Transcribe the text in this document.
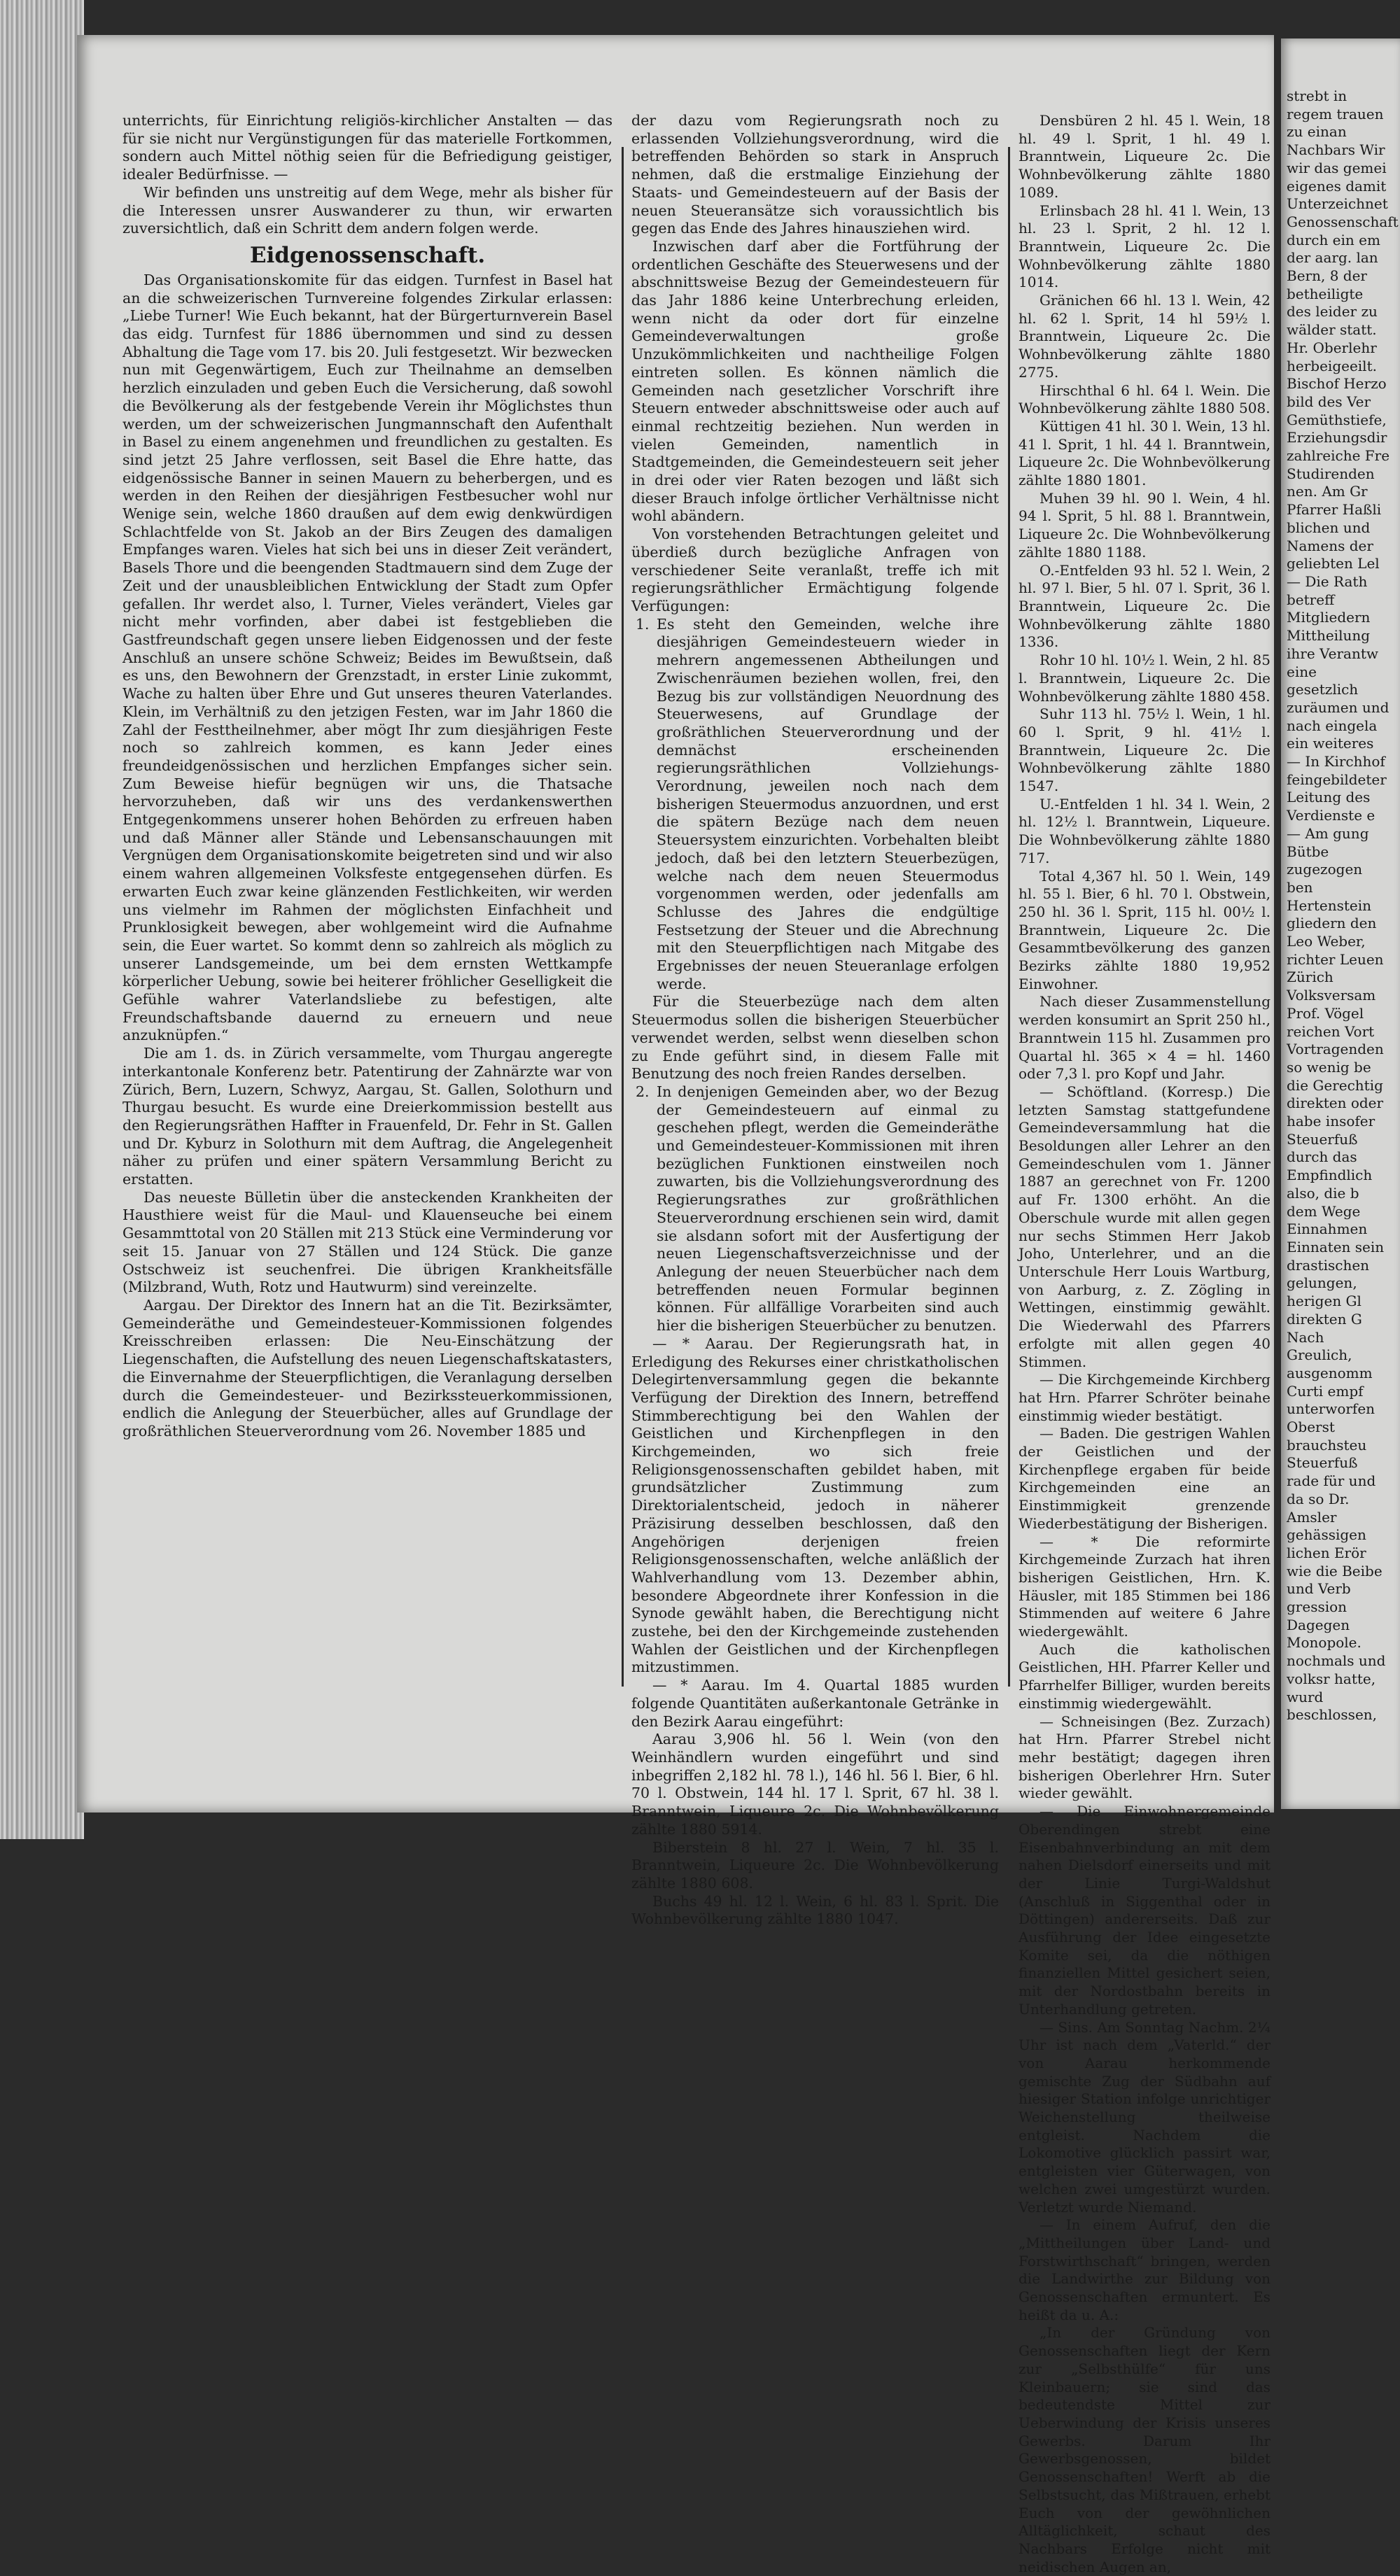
unterrichts, für Einrichtung religiös-kirchlicher Anstalten — das für sie nicht nur Vergünstigungen für das materielle Fortkommen, sondern auch Mittel nöthig seien für die Befriedigung geistiger, idealer Bedürfnisse. —

Wir befinden uns unstreitig auf dem Wege, mehr als bisher für die Interessen unsrer Auswanderer zu thun, wir erwarten zuversichtlich, daß ein Schritt dem andern folgen werde.

Eidgenossenschaft.

Das Organisationskomite für das eidgen. Turnfest in Basel hat an die schweizerischen Turnvereine folgendes Zirkular erlassen: „Liebe Turner! Wie Euch bekannt, hat der Bürgerturnverein Basel das eidg. Turnfest für 1886 übernommen und sind zu dessen Abhaltung die Tage vom 17. bis 20. Juli festgesetzt. Wir bezwecken nun mit Gegenwärtigem, Euch zur Theilnahme an demselben herzlich einzuladen und geben Euch die Versicherung, daß sowohl die Bevölkerung als der festgebende Verein ihr Möglichstes thun werden, um der schweizerischen Jungmannschaft den Aufenthalt in Basel zu einem angenehmen und freundlichen zu gestalten. Es sind jetzt 25 Jahre verflossen, seit Basel die Ehre hatte, das eidgenössische Banner in seinen Mauern zu beherbergen, und es werden in den Reihen der diesjährigen Festbesucher wohl nur Wenige sein, welche 1860 draußen auf dem ewig denkwürdigen Schlachtfelde von St. Jakob an der Birs Zeugen des damaligen Empfanges waren. Vieles hat sich bei uns in dieser Zeit verändert, Basels Thore und die beengenden Stadtmauern sind dem Zuge der Zeit und der unausbleiblichen Entwicklung der Stadt zum Opfer gefallen. Ihr werdet also, l. Turner, Vieles verändert, Vieles gar nicht mehr vorfinden, aber dabei ist festgeblieben die Gastfreundschaft gegen unsere lieben Eidgenossen und der feste Anschluß an unsere schöne Schweiz; Beides im Bewußtsein, daß es uns, den Bewohnern der Grenzstadt, in erster Linie zukommt, Wache zu halten über Ehre und Gut unseres theuren Vaterlandes. Klein, im Verhältniß zu den jetzigen Festen, war im Jahr 1860 die Zahl der Festtheilnehmer, aber mögt Ihr zum diesjährigen Feste noch so zahlreich kommen, es kann Jeder eines freundeidgenössischen und herzlichen Empfanges sicher sein. Zum Beweise hiefür begnügen wir uns, die Thatsache hervorzuheben, daß wir uns des verdankenswerthen Entgegenkommens unserer hohen Behörden zu erfreuen haben und daß Männer aller Stände und Lebensanschauungen mit Vergnügen dem Organisationskomite beigetreten sind und wir also einem wahren allgemeinen Volksfeste entgegensehen dürfen. Es erwarten Euch zwar keine glänzenden Festlichkeiten, wir werden uns vielmehr im Rahmen der möglichsten Einfachheit und Prunklosigkeit bewegen, aber wohlgemeint wird die Aufnahme sein, die Euer wartet. So kommt denn so zahlreich als möglich zu unserer Landsgemeinde, um bei dem ernsten Wettkampfe körperlicher Uebung, sowie bei heiterer fröhlicher Geselligkeit die Gefühle wahrer Vaterlandsliebe zu befestigen, alte Freundschaftsbande dauernd zu erneuern und neue anzuknüpfen.“

Die am 1. ds. in Zürich versammelte, vom Thurgau angeregte interkantonale Konferenz betr. Patentirung der Zahnärzte war von Zürich, Bern, Luzern, Schwyz, Aargau, St. Gallen, Solothurn und Thurgau besucht. Es wurde eine Dreierkommission bestellt aus den Regierungsräthen Haffter in Frauenfeld, Dr. Fehr in St. Gallen und Dr. Kyburz in Solothurn mit dem Auftrag, die Angelegenheit näher zu prüfen und einer spätern Versammlung Bericht zu erstatten.

Das neueste Bülletin über die ansteckenden Krankheiten der Hausthiere weist für die Maul- und Klauenseuche bei einem Gesammttotal von 20 Ställen mit 213 Stück eine Verminderung vor seit 15. Januar von 27 Ställen und 124 Stück. Die ganze Ostschweiz ist seuchenfrei. Die übrigen Krankheitsfälle (Milzbrand, Wuth, Rotz und Hautwurm) sind vereinzelte.

Aargau. Der Direktor des Innern hat an die Tit. Bezirksämter, Gemeinderäthe und Gemeindesteuer-Kommissionen folgendes Kreisschreiben erlassen: Die Neu-Einschätzung der Liegenschaften, die Aufstellung des neuen Liegenschaftskatasters, die Einvernahme der Steuerpflichtigen, die Veranlagung derselben durch die Gemeindesteuer- und Bezirkssteuerkommissionen, endlich die Anlegung der Steuerbücher, alles auf Grundlage der großräthlichen Steuerverordnung vom 26. November 1885 und

der dazu vom Regierungsrath noch zu erlassenden Vollziehungsverordnung, wird die betreffenden Behörden so stark in Anspruch nehmen, daß die erstmalige Einziehung der Staats- und Gemeindesteuern auf der Basis der neuen Steueransätze sich voraussichtlich bis gegen das Ende des Jahres hinausziehen wird.

Inzwischen darf aber die Fortführung der ordentlichen Geschäfte des Steuerwesens und der abschnittsweise Bezug der Gemeindesteuern für das Jahr 1886 keine Unterbrechung erleiden, wenn nicht da oder dort für einzelne Gemeindeverwaltungen große Unzukömmlichkeiten und nachtheilige Folgen eintreten sollen. Es können nämlich die Gemeinden nach gesetzlicher Vorschrift ihre Steuern entweder abschnittsweise oder auch auf einmal rechtzeitig beziehen. Nun werden in vielen Gemeinden, namentlich in Stadtgemeinden, die Gemeindesteuern seit jeher in drei oder vier Raten bezogen und läßt sich dieser Brauch infolge örtlicher Verhältnisse nicht wohl abändern.

Von vorstehenden Betrachtungen geleitet und überdieß durch bezügliche Anfragen von verschiedener Seite veranlaßt, treffe ich mit regierungsräthlicher Ermächtigung folgende Verfügungen:

1. Es steht den Gemeinden, welche ihre diesjährigen Gemeindesteuern wieder in mehrern angemessenen Abtheilungen und Zwischenräumen beziehen wollen, frei, den Bezug bis zur vollständigen Neuordnung des Steuerwesens, auf Grundlage der großräthlichen Steuerverordnung und der demnächst erscheinenden regierungsräthlichen Vollziehungs-Verordnung, jeweilen noch nach dem bisherigen Steuermodus anzuordnen, und erst die spätern Bezüge nach dem neuen Steuersystem einzurichten. Vorbehalten bleibt jedoch, daß bei den letztern Steuerbezügen, welche nach dem neuen Steuermodus vorgenommen werden, oder jedenfalls am Schlusse des Jahres die endgültige Festsetzung der Steuer und die Abrechnung mit den Steuerpflichtigen nach Mitgabe des Ergebnisses der neuen Steueranlage erfolgen werde.

Für die Steuerbezüge nach dem alten Steuermodus sollen die bisherigen Steuerbücher verwendet werden, selbst wenn dieselben schon zu Ende geführt sind, in diesem Falle mit Benutzung des noch freien Randes derselben.

2. In denjenigen Gemeinden aber, wo der Bezug der Gemeindesteuern auf einmal zu geschehen pflegt, werden die Gemeinderäthe und Gemeindesteuer-Kommissionen mit ihren bezüglichen Funktionen einstweilen noch zuwarten, bis die Vollziehungsverordnung des Regierungsrathes zur großräthlichen Steuerverordnung erschienen sein wird, damit sie alsdann sofort mit der Ausfertigung der neuen Liegenschaftsverzeichnisse und der Anlegung der neuen Steuerbücher nach dem betreffenden neuen Formular beginnen können. Für allfällige Vorarbeiten sind auch hier die bisherigen Steuerbücher zu benutzen.

— * Aarau. Der Regierungsrath hat, in Erledigung des Rekurses einer christkatholischen Delegirtenversammlung gegen die bekannte Verfügung der Direktion des Innern, betreffend Stimmberechtigung bei den Wahlen der Geistlichen und Kirchenpflegen in den Kirchgemeinden, wo sich freie Religionsgenossenschaften gebildet haben, mit grundsätzlicher Zustimmung zum Direktorialentscheid, jedoch in näherer Präzisirung desselben beschlossen, daß den Angehörigen derjenigen freien Religionsgenossenschaften, welche anläßlich der Wahlverhandlung vom 13. Dezember abhin, besondere Abgeordnete ihrer Konfession in die Synode gewählt haben, die Berechtigung nicht zustehe, bei den der Kirchgemeinde zustehenden Wahlen der Geistlichen und der Kirchenpflegen mitzustimmen.

— * Aarau. Im 4. Quartal 1885 wurden folgende Quantitäten außerkantonale Getränke in den Bezirk Aarau eingeführt:

Aarau 3,906 hl. 56 l. Wein (von den Weinhändlern wurden eingeführt und sind inbegriffen 2,182 hl. 78 l.), 146 hl. 56 l. Bier, 6 hl. 70 l. Obstwein, 144 hl. 17 l. Sprit, 67 hl. 38 l. Branntwein, Liqueure 2c. Die Wohnbevölkerung zählte 1880 5914.

Biberstein 8 hl. 27 l. Wein, 7 hl. 35 l. Branntwein, Liqueure 2c. Die Wohnbevölkerung zählte 1880 608.

Buchs 49 hl. 12 l. Wein, 6 hl. 83 l. Sprit. Die Wohnbevölkerung zählte 1880 1047.

Densbüren 2 hl. 45 l. Wein, 18 hl. 49 l. Sprit, 1 hl. 49 l. Branntwein, Liqueure 2c. Die Wohnbevölkerung zählte 1880 1089.

Erlinsbach 28 hl. 41 l. Wein, 13 hl. 23 l. Sprit, 2 hl. 12 l. Branntwein, Liqueure 2c. Die Wohnbevölkerung zählte 1880 1014.

Gränichen 66 hl. 13 l. Wein, 42 hl. 62 l. Sprit, 14 hl 59½ l. Branntwein, Liqueure 2c. Die Wohnbevölkerung zählte 1880 2775.

Hirschthal 6 hl. 64 l. Wein. Die Wohnbevölkerung zählte 1880 508.

Küttigen 41 hl. 30 l. Wein, 13 hl. 41 l. Sprit, 1 hl. 44 l. Branntwein, Liqueure 2c. Die Wohnbevölkerung zählte 1880 1801.

Muhen 39 hl. 90 l. Wein, 4 hl. 94 l. Sprit, 5 hl. 88 l. Branntwein, Liqueure 2c. Die Wohnbevölkerung zählte 1880 1188.

O.-Entfelden 93 hl. 52 l. Wein, 2 hl. 97 l. Bier, 5 hl. 07 l. Sprit, 36 l. Branntwein, Liqueure 2c. Die Wohnbevölkerung zählte 1880 1336.

Rohr 10 hl. 10½ l. Wein, 2 hl. 85 l. Branntwein, Liqueure 2c. Die Wohnbevölkerung zählte 1880 458.

Suhr 113 hl. 75½ l. Wein, 1 hl. 60 l. Sprit, 9 hl. 41½ l. Branntwein, Liqueure 2c. Die Wohnbevölkerung zählte 1880 1547.

U.-Entfelden 1 hl. 34 l. Wein, 2 hl. 12½ l. Branntwein, Liqueure. Die Wohnbevölkerung zählte 1880 717.

Total 4,367 hl. 50 l. Wein, 149 hl. 55 l. Bier, 6 hl. 70 l. Obstwein, 250 hl. 36 l. Sprit, 115 hl. 00½ l. Branntwein, Liqueure 2c. Die Gesammtbevölkerung des ganzen Bezirks zählte 1880 19,952 Einwohner.

Nach dieser Zusammenstellung werden konsumirt an Sprit 250 hl., Branntwein 115 hl. Zusammen pro Quartal hl. 365 × 4 = hl. 1460 oder 7,3 l. pro Kopf und Jahr.

— Schöftland. (Korresp.) Die letzten Samstag stattgefundene Gemeindeversammlung hat die Besoldungen aller Lehrer an den Gemeindeschulen vom 1. Jänner 1887 an gerechnet von Fr. 1200 auf Fr. 1300 erhöht. An die Oberschule wurde mit allen gegen nur sechs Stimmen Herr Jakob Joho, Unterlehrer, und an die Unterschule Herr Louis Wartburg, von Aarburg, z. Z. Zögling in Wettingen, einstimmig gewählt. Die Wiederwahl des Pfarrers erfolgte mit allen gegen 40 Stimmen.

— Die Kirchgemeinde Kirchberg hat Hrn. Pfarrer Schröter beinahe einstimmig wieder bestätigt.

— Baden. Die gestrigen Wahlen der Geistlichen und der Kirchenpflege ergaben für beide Kirchgemeinden eine an Einstimmigkeit grenzende Wiederbestätigung der Bisherigen.

— * Die reformirte Kirchgemeinde Zurzach hat ihren bisherigen Geistlichen, Hrn. K. Häusler, mit 185 Stimmen bei 186 Stimmenden auf weitere 6 Jahre wiedergewählt.

Auch die katholischen Geistlichen, HH. Pfarrer Keller und Pfarrhelfer Billiger, wurden bereits einstimmig wiedergewählt.

— Schneisingen (Bez. Zurzach) hat Hrn. Pfarrer Strebel nicht mehr bestätigt; dagegen ihren bisherigen Oberlehrer Hrn. Suter wieder gewählt.

— Die Einwohnergemeinde Oberendingen strebt eine Eisenbahnverbindung an mit dem nahen Dielsdorf einerseits und mit der Linie Turgi-Waldshut (Anschluß in Siggenthal oder in Döttingen) andererseits. Daß zur Ausführung der Idee eingesetzte Komite sei, da die nöthigen finanziellen Mittel gesichert seien, mit der Nordostbahn bereits in Unterhandlung getreten.

— Sins. Am Sonntag Nachm. 2¼ Uhr ist nach dem „Vaterld.“ der von Aarau herkommende gemischte Zug der Südbahn auf hiesiger Station infolge unrichtiger Weichenstellung theilweise entgleist. Nachdem die Lokomotive glücklich passirt war, entgleisten vier Güterwagen, von welchen zwei umgestürzt wurden. Verletzt wurde Niemand.

— In einem Aufruf, den die „Mittheilungen über Land- und Forstwirthschaft“ bringen, werden die Landwirthe zur Bildung von Genossenschaften ermuntert. Es heißt da u. A.:

„In der Gründung von Genossenschaften liegt der Kern zur „Selbsthülfe“ für uns Kleinbauern; sie sind das bedeutendste Mittel zur Ueberwindung der Krisis unseres Gewerbs. Darum Ihr Gewerbsgenossen, bildet Genossenschaften! Werft ab die Selbstsucht, das Mißtrauen, erhebt Euch von der gewöhnlichen Alltäglichkeit, schaut des Nachbars Erfolge nicht mit neidischen Augen an,

strebt in regem trauen zu einan Nachbars Wir wir das gemei eigenes damit Unterzeichnet Genossenschaft durch ein em der aarg. lan Bern, 8 der betheiligte des leider zu wälder statt. Hr. Oberlehr herbeigeeilt. Bischof Herzo bild des Ver Gemüthstiefe, Erziehungsdir zahlreiche Fre Studirenden nen. Am Gr Pfarrer Haßli blichen und Namens der geliebten Lel — Die Rath betreff Mitgliedern Mittheilung ihre Verantw eine gesetzlich zuräumen und nach eingela ein weiteres — In Kirchhof feingebildeter Leitung des Verdienste e — Am gung Bütbe zugezogen ben Hertenstein gliedern den Leo Weber, richter Leuen Zürich Volksversam Prof. Vögel reichen Vort Vortragenden so wenig be die Gerechtig direkten oder habe insofer Steuerfuß durch das Empfindlich also, die b dem Wege Einnahmen Einnaten sein drastischen gelungen, herigen Gl direkten G Nach Greulich, ausgenomm Curti empf unterworfen Oberst brauchsteu Steuerfuß rade für und da so Dr. Amsler gehässigen lichen Erör wie die Beibe und Verb gression Dagegen Monopole. nochmals und volksr hatte, wurd beschlossen,
